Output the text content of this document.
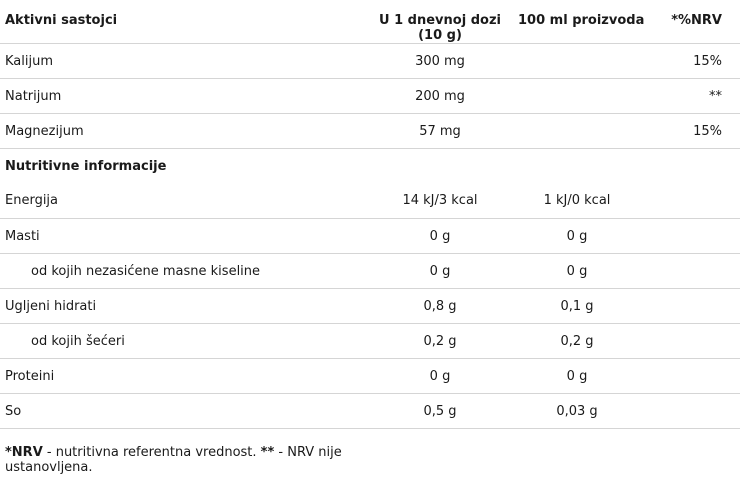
Aktivni sastojci	U 1 dnevnoj dozi (10 g)	100 ml proizvoda	*%NRV
Kalijum	300 mg		15%
Natrijum	200 mg		**
Magnezijum	57 mg		15%
Nutritivne informacije			
Energija	14 kJ/3 kcal	1 kJ/0 kcal	
Masti	0 g	0 g	
od kojih nezasićene masne kiseline	0 g	0 g	
Ugljeni hidrati	0,8 g	0,1 g	
od kojih šećeri	0,2 g	0,2 g	
Proteini	0 g	0 g	
So	0,5 g	0,03 g	
*NRV - nutritivna referentna vrednost. ** - NRV nije ustanovljena.
